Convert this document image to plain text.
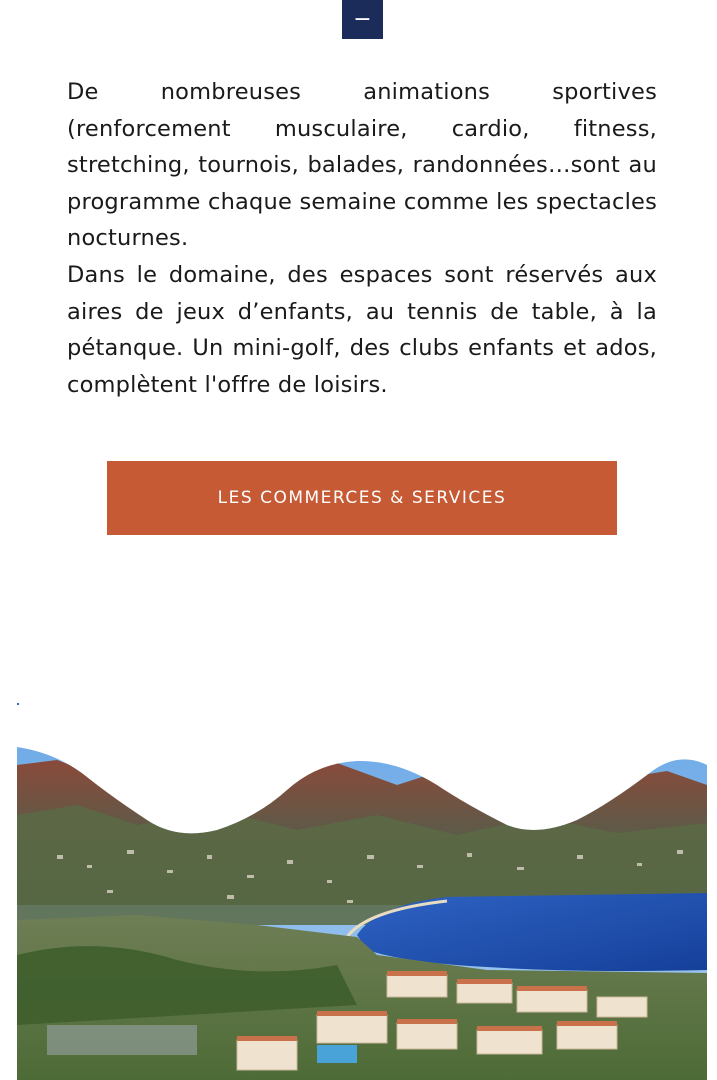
−

De nombreuses animations sportives (renforcement musculaire, cardio, fitness, stretching, tournois, balades, randonnées…sont au programme chaque semaine comme les spectacles nocturnes.

Dans le domaine, des espaces sont réservés aux aires de jeux d’enfants, au tennis de table, à la pétanque. Un mini-golf, des clubs enfants et ados, complètent l'offre de loisirs.

LES COMMERCES & SERVICES
